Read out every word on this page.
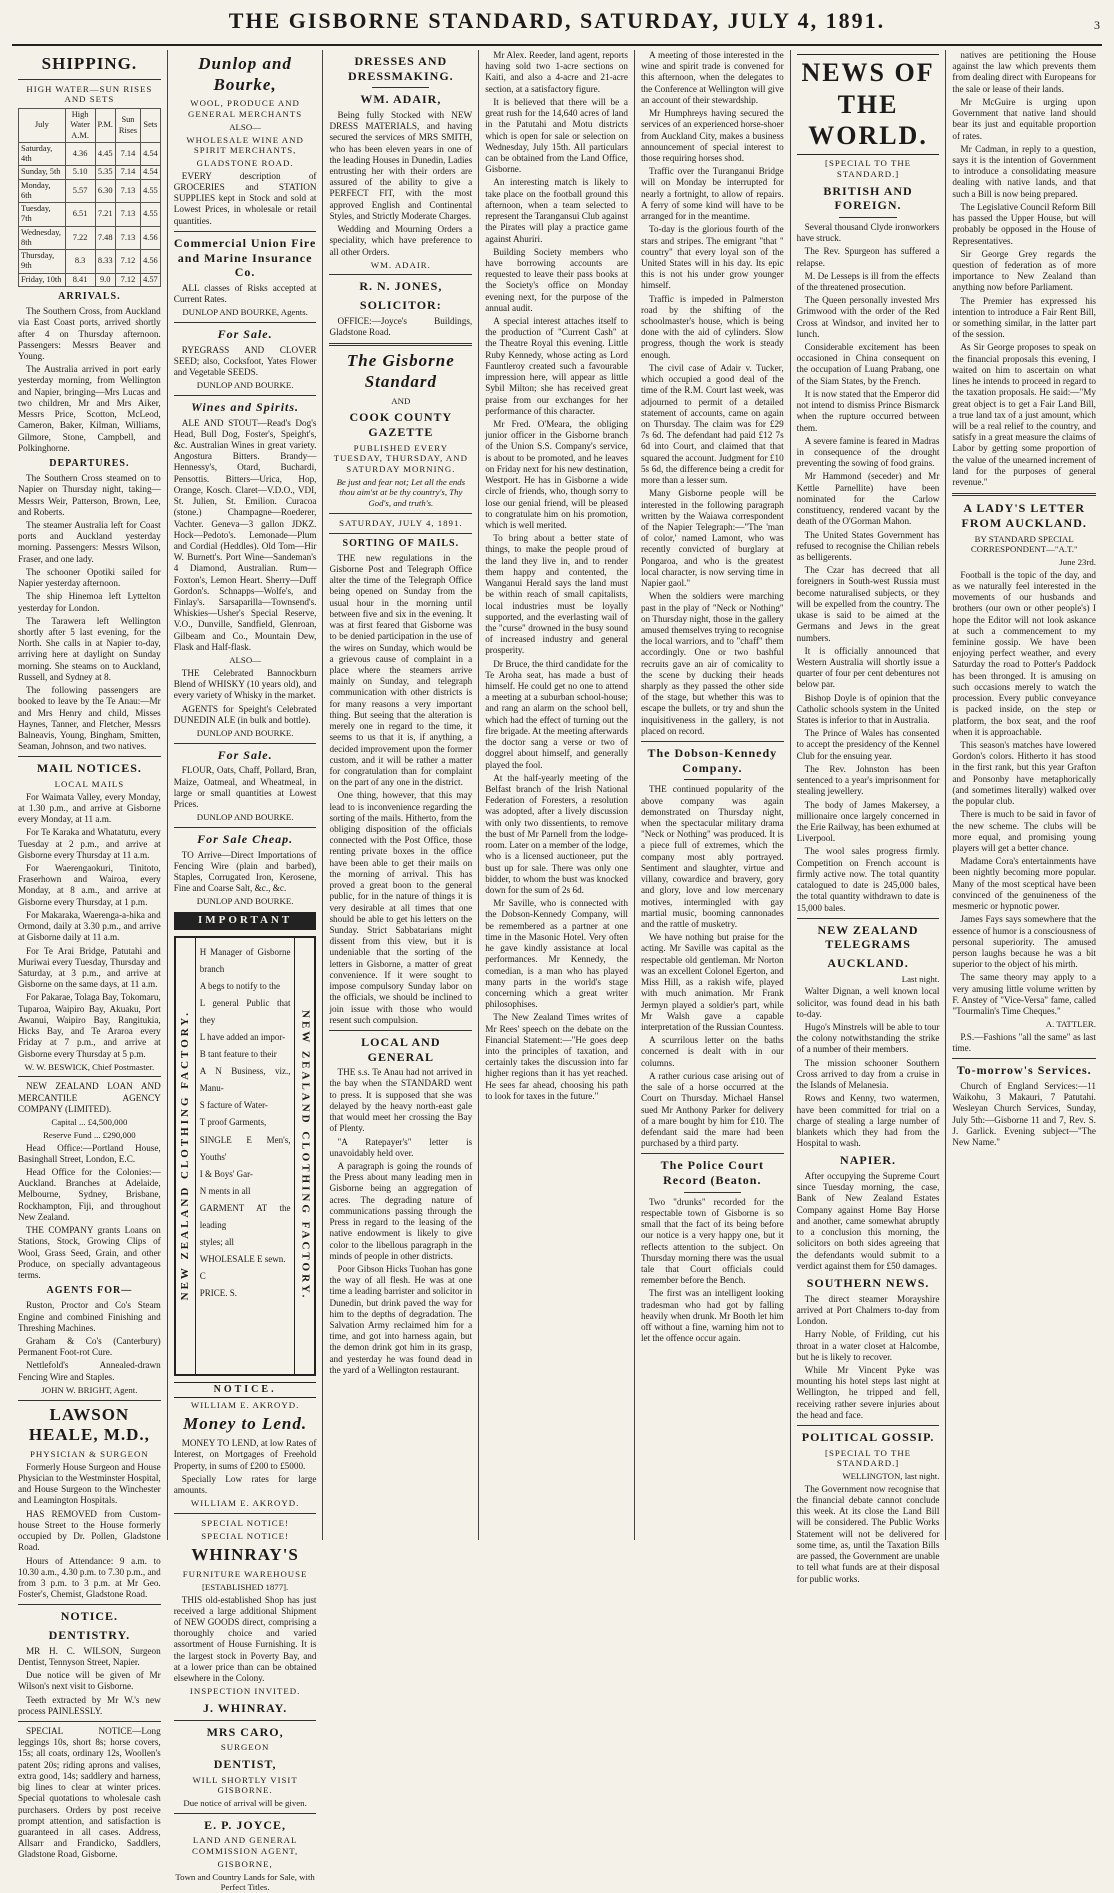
THE GISBORNE STANDARD, SATURDAY, JULY 4, 1891.	3
SHIPPING.
HIGH WATER—SUN RISES AND SETS
July	High Water A.M.	P.M.	Sun Rises	Sets
Saturday, 4th	4.36	4.45	7.14	4.54
Sunday, 5th	5.10	5.35	7.14	4.54
Monday, 6th	5.57	6.30	7.13	4.55
Tuesday, 7th	6.51	7.21	7.13	4.55
Wednesday, 8th	7.22	7.48	7.13	4.56
Thursday, 9th	8.3	8.33	7.12	4.56
Friday, 10th	8.41	9.0	7.12	4.57
ARRIVALS.

The Southern Cross, from Auckland via East Coast ports, arrived shortly after 4 on Thursday afternoon. Passengers: Messrs Beaver and Young.

The Australia arrived in port early yesterday morning, from Wellington and Napier, bringing—Mrs Lucas and two children, Mr and Mrs Aiker, Messrs Price, Scotton, McLeod, Cameron, Baker, Kilman, Williams, Gilmore, Stone, Campbell, and Polkinghorne.

DEPARTURES.

The Southern Cross steamed on to Napier on Thursday night, taking—Messrs Weir, Patterson, Brown, Lee, and Roberts.

The steamer Australia left for Coast ports and Auckland yesterday morning. Passengers: Messrs Wilson, Fraser, and one lady.

The schooner Opotiki sailed for Napier yesterday afternoon.

The ship Hinemoa left Lyttelton yesterday for London.

The Tarawera left Wellington shortly after 5 last evening, for the North. She calls in at Napier to-day, arriving here at daylight on Sunday morning. She steams on to Auckland, Russell, and Sydney at 8.

The following passengers are booked to leave by the Te Anau:—Mr and Mrs Henry and child, Misses Haynes, Tanner, and Fletcher, Messrs Balneavis, Young, Bingham, Smitten, Seaman, Johnson, and two natives.

MAIL NOTICES.
LOCAL MAILS

For Waimata Valley, every Monday, at 1.30 p.m., and arrive at Gisborne every Monday, at 11 a.m.

For Te Karaka and Whatatutu, every Tuesday at 2 p.m., and arrive at Gisborne every Thursday at 11 a.m.

For Waerengaokuri, Tinitoto, Fraserhown and Wairoa, every Monday, at 8 a.m., and arrive at Gisborne every Thursday, at 1 p.m.

For Makaraka, Waerenga-a-hika and Ormond, daily at 3.30 p.m., and arrive at Gisborne daily at 11 a.m.

For Te Arai Bridge, Patutahi and Muriwai every Tuesday, Thursday and Saturday, at 3 p.m., and arrive at Gisborne on the same days, at 11 a.m.

For Pakarae, Tolaga Bay, Tokomaru, Tuparoa, Waipiro Bay, Akuaku, Port Awanui, Waipiro Bay, Rangitukia, Hicks Bay, and Te Araroa every Friday at 7 p.m., and arrive at Gisborne every Thursday at 5 p.m.

W. W. BESWICK, Chief Postmaster.

NEW ZEALAND LOAN AND MERCANTILE AGENCY COMPANY (LIMITED).

Capital ... £4,500,000
Reserve Fund ... £290,000

Head Office:—Portland House, Basinghall Street, London, E.C.

Head Office for the Colonies:—Auckland. Branches at Adelaide, Melbourne, Sydney, Brisbane, Rockhampton, Fiji, and throughout New Zealand.

THE COMPANY grants Loans on Stations, Stock, Growing Clips of Wool, Grass Seed, Grain, and other Produce, on specially advantageous terms.

AGENTS FOR—

Ruston, Proctor and Co's Steam Engine and combined Finishing and Threshing Machines.

Graham & Co's (Canterbury) Permanent Foot-rot Cure.

Nettlefold's Annealed-drawn Fencing Wire and Staples.

JOHN W. BRIGHT, Agent.
LAWSON HEALE, M.D.,
PHYSICIAN & SURGEON

Formerly House Surgeon and House Physician to the Westminster Hospital, and House Surgeon to the Winchester and Leamington Hospitals.

HAS REMOVED from Custom-house Street to the House formerly occupied by Dr. Pollen, Gladstone Road.

Hours of Attendance: 9 a.m. to 10.30 a.m., 4.30 p.m. to 7.30 p.m., and from 3 p.m. to 3 p.m. at Mr Geo. Foster's, Chemist, Gladstone Road.

NOTICE.
DENTISTRY.

MR H. C. WILSON, Surgeon Dentist, Tennyson Street, Napier.

Due notice will be given of Mr Wilson's next visit to Gisborne.

Teeth extracted by Mr W.'s new process PAINLESSLY.

SPECIAL NOTICE—Long leggings 10s, short 8s; horse covers, 15s; all coats, ordinary 12s, Woollen's patent 20s; riding aprons and valises, extra good, 14s; saddlery and harness, big lines to clear at winter prices. Special quotations to wholesale cash purchasers. Orders by post receive prompt attention, and satisfaction is guaranteed in all cases. Address, Allsarr and Frandicko, Saddlers, Gladstone Road, Gisborne.

Dunlop and Bourke,
WOOL, PRODUCE AND GENERAL MERCHANTS
ALSO—
WHOLESALE WINE AND SPIRIT MERCHANTS,
GLADSTONE ROAD.

EVERY description of GROCERIES and STATION SUPPLIES kept in Stock and sold at Lowest Prices, in wholesale or retail quantities.

Commercial Union Fire and Marine Insurance Co.

ALL classes of Risks accepted at Current Rates.

DUNLOP AND BOURKE, Agents.
For Sale.

RYEGRASS AND CLOVER SEED; also, Cocksfoot, Yates Flower and Vegetable SEEDS.

DUNLOP AND BOURKE.
Wines and Spirits.

ALE AND STOUT—Read's Dog's Head, Bull Dog, Foster's, Speight's, &c. Australian Wines in great variety. Angostura Bitters. Brandy—Hennessy's, Otard, Buchardi, Pensottis. Bitters—Urica, Hop, Orange, Kosch. Claret—V.D.O., VDI, St. Julien, St. Emilion. Curacoa (stone.) Champagne—Roederer, Vachter. Geneva—3 gallon JDKZ. Hock—Pedoto's. Lemonade—Plum and Cordial (Heddles). Old Tom—Hir W. Burnett's. Port Wine—Sandeman's 4 Diamond, Australian. Rum—Foxton's, Lemon Heart. Sherry—Duff Gordon's. Schnapps—Wolfe's, and Finlay's. Sarsaparilla—Townsend's. Whiskies—Usher's Special Reserve, V.O., Dunville, Sandfield, Glenroan, Gilbeam and Co., Mountain Dew, Flask and Half-flask.

ALSO—

THE Celebrated Bannockburn Blend of WHISKY (10 years old), and every variety of Whisky in the market.

AGENTS for Speight's Celebrated DUNEDIN ALE (in bulk and bottle).

DUNLOP AND BOURKE.
For Sale.

FLOUR, Oats, Chaff, Pollard, Bran, Maize, Oatmeal, and Wheatmeal, in large or small quantities at Lowest Prices.

DUNLOP AND BOURKE.
For Sale Cheap.

TO Arrive—Direct Importations of Fencing Wire (plain and barbed), Staples, Corrugated Iron, Kerosene, Fine and Coarse Salt, &c., &c.

DUNLOP AND BOURKE.
IMPORTANT
NEW ZEALAND CLOTHING FACTORY.
H Manager of Gisborne branch
A begs to notify to the
L general Public that they
L have added an impor-
B tant feature to their
A N Business, viz., Manu-
S facture of Water-
T proof Garments,
SINGLE E Men's, Youths'
I & Boys' Gar-
N ments in all
GARMENT AT the leading
styles; all
WHOLESALE E sewn.
C
PRICE. S.	NEW ZEALAND CLOTHING FACTORY.
NOTICE.
WILLIAM E. AKROYD.
Money to Lend.

MONEY TO LEND, at low Rates of Interest, on Mortgages of Freehold Property, in sums of £200 to £5000.

Specially Low rates for large amounts.

WILLIAM E. AKROYD.
SPECIAL NOTICE!
SPECIAL NOTICE!
WHINRAY'S
FURNITURE WAREHOUSE
[ESTABLISHED 1877].

THIS old-established Shop has just received a large additional Shipment of NEW GOODS direct, comprising a thoroughly choice and varied assortment of House Furnishing. It is the largest stock in Poverty Bay, and at a lower price than can be obtained elsewhere in the Colony.

INSPECTION INVITED.
J. WHINRAY.
MRS CARO,
SURGEON
DENTIST,
WILL SHORTLY VISIT GISBORNE.
Due notice of arrival will be given.
E. P. JOYCE,
LAND AND GENERAL COMMISSION AGENT,
GISBORNE,
Town and Country Lands for Sale, with Perfect Titles.
DRESSES AND DRESSMAKING.
WM. ADAIR,

Being fully Stocked with NEW DRESS MATERIALS, and having secured the services of MRS SMITH, who has been eleven years in one of the leading Houses in Dunedin, Ladies entrusting her with their orders are assured of the ability to give a PERFECT FIT, with the most approved English and Continental Styles, and Strictly Moderate Charges.

Wedding and Mourning Orders a speciality, which have preference to all other Orders.

WM. ADAIR.
R. N. JONES,
SOLICITOR:

OFFICE:—Joyce's Buildings, Gladstone Road.

The Gisborne Standard
AND
COOK COUNTY GAZETTE
PUBLISHED EVERY TUESDAY, THURSDAY, AND SATURDAY MORNING.
Be just and fear not; Let all the ends thou aim'st at be thy country's, Thy God's, and truth's.
SATURDAY, JULY 4, 1891.
SORTING OF MAILS.

THE new regulations in the Gisborne Post and Telegraph Office alter the time of the Telegraph Office being opened on Sunday from the usual hour in the morning until between five and six in the evening. It was at first feared that Gisborne was to be denied participation in the use of the wires on Sunday, which would be a grievous cause of complaint in a place where the steamers arrive mainly on Sunday, and telegraph communication with other districts is for many reasons a very important thing. But seeing that the alteration is merely one in regard to the time, it seems to us that it is, if anything, a decided improvement upon the former custom, and it will be rather a matter for congratulation than for complaint on the part of any one in the district.

One thing, however, that this may lead to is inconvenience regarding the sorting of the mails. Hitherto, from the obliging disposition of the officials connected with the Post Office, those renting private boxes in the office have been able to get their mails on the morning of arrival. This has proved a great boon to the general public, for in the nature of things it is very desirable at all times that one should be able to get his letters on the Sunday. Strict Sabbatarians might dissent from this view, but it is undeniable that the sorting of the letters in Gisborne, a matter of great convenience. If it were sought to impose compulsory Sunday labor on the officials, we should be inclined to join issue with those who would resent such compulsion.

LOCAL AND GENERAL

THE s.s. Te Anau had not arrived in the bay when the STANDARD went to press. It is supposed that she was delayed by the heavy north-east gale that would meet her crossing the Bay of Plenty.

"A Ratepayer's" letter is unavoidably held over.

A paragraph is going the rounds of the Press about many leading men in Gisborne being an aggregation of acres. The degrading nature of communications passing through the Press in regard to the leasing of the native endowment is likely to give color to the libellous paragraph in the minds of people in other districts.

Poor Gibson Hicks Tuohan has gone the way of all flesh. He was at one time a leading barrister and solicitor in Dunedin, but drink paved the way for him to the depths of degradation. The Salvation Army reclaimed him for a time, and got into harness again, but the demon drink got him in its grasp, and yesterday he was found dead in the yard of a Wellington restaurant.

Mr Alex. Reeder, land agent, reports having sold two 1-acre sections on Kaiti, and also a 4-acre and 21-acre section, at a satisfactory figure.

It is believed that there will be a great rush for the 14,640 acres of land in the Patutahi and Motu districts which is open for sale or selection on Wednesday, July 15th. All particulars can be obtained from the Land Office, Gisborne.

An interesting match is likely to take place on the football ground this afternoon, when a team selected to represent the Tarangansui Club against the Pirates will play a practice game against Ahuriri.

Building Society members who have borrowing accounts are requested to leave their pass books at the Society's office on Monday evening next, for the purpose of the annual audit.

A special interest attaches itself to the production of "Current Cash" at the Theatre Royal this evening. Little Ruby Kennedy, whose acting as Lord Fauntleroy created such a favourable impression here, will appear as little Sybil Milton; she has received great praise from our exchanges for her performance of this character.

Mr Fred. O'Meara, the obliging junior officer in the Gisborne branch of the Union S.S. Company's service, is about to be promoted, and he leaves on Friday next for his new destination, Westport. He has in Gisborne a wide circle of friends, who, though sorry to lose our genial friend, will be pleased to congratulate him on his promotion, which is well merited.

To bring about a better state of things, to make the people proud of the land they live in, and to render them happy and contented, the Wanganui Herald says the land must be within reach of small capitalists, local industries must be loyally supported, and the everlasting wail of the "curse" drowned in the busy sound of increased industry and general prosperity.

Dr Bruce, the third candidate for the Te Aroha seat, has made a bust of himself. He could get no one to attend a meeting at a suburban school-house; and rang an alarm on the school bell, which had the effect of turning out the fire brigade. At the meeting afterwards the doctor sang a verse or two of doggrel about himself, and generally played the fool.

At the half-yearly meeting of the Belfast branch of the Irish National Federation of Foresters, a resolution was adopted, after a lively discussion with only two dissentients, to remove the bust of Mr Parnell from the lodge-room. Later on a member of the lodge, who is a licensed auctioneer, put the bust up for sale. There was only one bidder, to whom the bust was knocked down for the sum of 2s 6d.

Mr Saville, who is connected with the Dobson-Kennedy Company, will be remembered as a partner at one time in the Masonic Hotel. Very often he gave kindly assistance at local performances. Mr Kennedy, the comedian, is a man who has played many parts in the world's stage concerning which a great writer philosophises.

The New Zealand Times writes of Mr Rees' speech on the debate on the Financial Statement:—"He goes deep into the principles of taxation, and certainly takes the discussion into far higher regions than it has yet reached. He sees far ahead, choosing his path to look for taxes in the future."

A meeting of those interested in the wine and spirit trade is convened for this afternoon, when the delegates to the Conference at Wellington will give an account of their stewardship.

Mr Humphreys having secured the services of an experienced horse-shoer from Auckland City, makes a business announcement of special interest to those requiring horses shod.

Traffic over the Turanganui Bridge will on Monday be interrupted for nearly a fortnight, to allow of repairs. A ferry of some kind will have to be arranged for in the meantime.

To-day is the glorious fourth of the stars and stripes. The emigrant "that " country" that every loyal son of the United States will in his day. Its epic this is not his under grow younger himself.

Traffic is impeded in Palmerston road by the shifting of the schoolmaster's house, which is being done with the aid of cylinders. Slow progress, though the work is steady enough.

The civil case of Adair v. Tucker, which occupied a good deal of the time of the R.M. Court last week, was adjourned to permit of a detailed statement of accounts, came on again on Thursday. The claim was for £29 7s 6d. The defendant had paid £12 7s 6d into Court, and claimed that that squared the account. Judgment for £10 5s 6d, the difference being a credit for more than a lesser sum.

Many Gisborne people will be interested in the following paragraph written by the Waiawa correspondent of the Napier Telegraph:—"The 'man of color,' named Lamont, who was recently convicted of burglary at Pongaroa, and who is the greatest local character, is now serving time in Napier gaol."

When the soldiers were marching past in the play of "Neck or Nothing" on Thursday night, those in the gallery amused themselves trying to recognise the local warriors, and to "chaff" them accordingly. One or two bashful recruits gave an air of comicality to the scene by ducking their heads sharply as they passed the other side of the stage, but whether this was to escape the bullets, or try and shun the inquisitiveness in the gallery, is not placed on record.

The Dobson-Kennedy Company.

THE continued popularity of the above company was again demonstrated on Thursday night, when the spectacular military drama "Neck or Nothing" was produced. It is a piece full of extremes, which the company most ably portrayed. Sentiment and slaughter, virtue and villany, cowardice and bravery, gory and glory, love and low mercenary motives, intermingled with gay martial music, booming cannonades and the rattle of musketry.

We have nothing but praise for the acting. Mr Saville was capital as the respectable old gentleman. Mr Norton was an excellent Colonel Egerton, and Miss Hill, as a rakish wife, played with much animation. Mr Frank Jermyn played a soldier's part, while Mr Walsh gave a capable interpretation of the Russian Countess.

A scurrilous letter on the baths concerned is dealt with in our columns.

A rather curious case arising out of the sale of a horse occurred at the Court on Thursday. Michael Hansel sued Mr Anthony Parker for delivery of a mare bought by him for £10. The defendant said the mare had been purchased by a third party.

The Police Court Record (Beaton.

Two "drunks" recorded for the respectable town of Gisborne is so small that the fact of its being before our notice is a very happy one, but it reflects attention to the subject. On Thursday morning there was the usual tale that Court officials could remember before the Bench.

The first was an intelligent looking tradesman who had got by falling heavily when drunk. Mr Booth let him off without a fine, warning him not to let the offence occur again.

NEWS OF THE WORLD.
[SPECIAL TO THE STANDARD.]
BRITISH AND FOREIGN.

Several thousand Clyde ironworkers have struck.

The Rev. Spurgeon has suffered a relapse.

M. De Lesseps is ill from the effects of the threatened prosecution.

The Queen personally invested Mrs Grimwood with the order of the Red Cross at Windsor, and invited her to lunch.

Considerable excitement has been occasioned in China consequent on the occupation of Luang Prabang, one of the Siam States, by the French.

It is now stated that the Emperor did not intend to dismiss Prince Bismarck when the rupture occurred between them.

A severe famine is feared in Madras in consequence of the drought preventing the sowing of food grains.

Mr Hammond (seceder) and Mr Kettle Parnellite) have been nominated for the Carlow constituency, rendered vacant by the death of the O'Gorman Mahon.

The United States Government has refused to recognise the Chilian rebels as belligerents.

The Czar has decreed that all foreigners in South-west Russia must become naturalised subjects, or they will be expelled from the country. The ukase is said to be aimed at the Germans and Jews in the great numbers.

It is officially announced that Western Australia will shortly issue a quarter of four per cent debentures not below par.

Bishop Doyle is of opinion that the Catholic schools system in the United States is inferior to that in Australia.

The Prince of Wales has consented to accept the presidency of the Kennel Club for the ensuing year.

The Rev. Johnston has been sentenced to a year's imprisonment for stealing jewellery.

The body of James Makersey, a millionaire once largely concerned in the Erie Railway, has been exhumed at Liverpool.

The wool sales progress firmly. Competition on French account is firmly active now. The total quantity catalogued to date is 245,000 bales, the total quantity withdrawn to date is 15,000 bales.

NEW ZEALAND TELEGRAMS
AUCKLAND.
Last night.

Walter Dignan, a well known local solicitor, was found dead in his bath to-day.

Hugo's Minstrels will be able to tour the colony notwithstanding the strike of a number of their members.

The mission schooner Southern Cross arrived to day from a cruise in the Islands of Melanesia.

Rows and Kenny, two watermen, have been committed for trial on a charge of stealing a large number of blankets which they had from the Hospital to wash.

NAPIER.

After occupying the Supreme Court since Tuesday morning, the case, Bank of New Zealand Estates Company against Home Bay Horse and another, came somewhat abruptly to a conclusion this morning, the solicitors on both sides agreeing that the defendants would submit to a verdict against them for £50 damages.

SOUTHERN NEWS.

The direct steamer Morayshire arrived at Port Chalmers to-day from London.

Harry Noble, of Frilding, cut his throat in a water closet at Halcombe, but he is likely to recover.

While Mr Vincent Pyke was mounting his hotel steps last night at Wellington, he tripped and fell, receiving rather severe injuries about the head and face.

POLITICAL GOSSIP.
[SPECIAL TO THE STANDARD.]
WELLINGTON, last night.

The Government now recognise that the financial debate cannot conclude this week. At its close the Land Bill will be considered. The Public Works Statement will not be delivered for some time, as, until the Taxation Bills are passed, the Government are unable to tell what funds are at their disposal for public works.

natives are petitioning the House against the law which prevents them from dealing direct with Europeans for the sale or lease of their lands.

Mr McGuire is urging upon Government that native land should bear its just and equitable proportion of rates.

Mr Cadman, in reply to a question, says it is the intention of Government to introduce a consolidating measure dealing with native lands, and that such a Bill is now being prepared.

The Legislative Council Reform Bill has passed the Upper House, but will probably be opposed in the House of Representatives.

Sir George Grey regards the question of federation as of more importance to New Zealand than anything now before Parliament.

The Premier has expressed his intention to introduce a Fair Rent Bill, or something similar, in the latter part of the session.

As Sir George proposes to speak on the financial proposals this evening, I waited on him to ascertain on what lines he intends to proceed in regard to the taxation proposals. He said:—"My great object is to get a Fair Land Bill, a true land tax of a just amount, which will be a real relief to the country, and satisfy in a great measure the claims of Labor by getting some proportion of the value of the unearned increment of land for the purposes of general revenue."

A LADY'S LETTER FROM AUCKLAND.
BY STANDARD SPECIAL CORRESPONDENT—"A.T."
June 23rd.

Football is the topic of the day, and as we naturally feel interested in the movements of our husbands and brothers (our own or other people's) I hope the Editor will not look askance at such a commencement to my feminine gossip. We have been enjoying perfect weather, and every Saturday the road to Potter's Paddock has been thronged. It is amusing on such occasions merely to watch the procession. Every public conveyance is packed inside, on the step or platform, the box seat, and the roof when it is approachable.

This season's matches have lowered Gordon's colors. Hitherto it has stood in the first rank, but this year Grafton and Ponsonby have metaphorically (and sometimes literally) walked over the popular club.

There is much to be said in favor of the new scheme. The clubs will be more equal, and promising young players will get a better chance.

Madame Cora's entertainments have been nightly becoming more popular. Many of the most sceptical have been convinced of the genuineness of the mesmeric or hypnotic power.

James Fays says somewhere that the essence of humor is a consciousness of personal superiority. The amused person laughs because he was a bit superior to the object of his mirth.

The same theory may apply to a very amusing little volume written by F. Anstey of "Vice-Versa" fame, called "Tourmalin's Time Cheques."

A. TATTLER.

P.S.—Fashions "all the same" as last time.

To-morrow's Services.

Church of England Services:—11 Waikohu, 3 Makauri, 7 Patutahi. Wesleyan Church Services, Sunday, July 5th:—Gisborne 11 and 7, Rev. S. J. Garlick. Evening subject—"The New Name."
